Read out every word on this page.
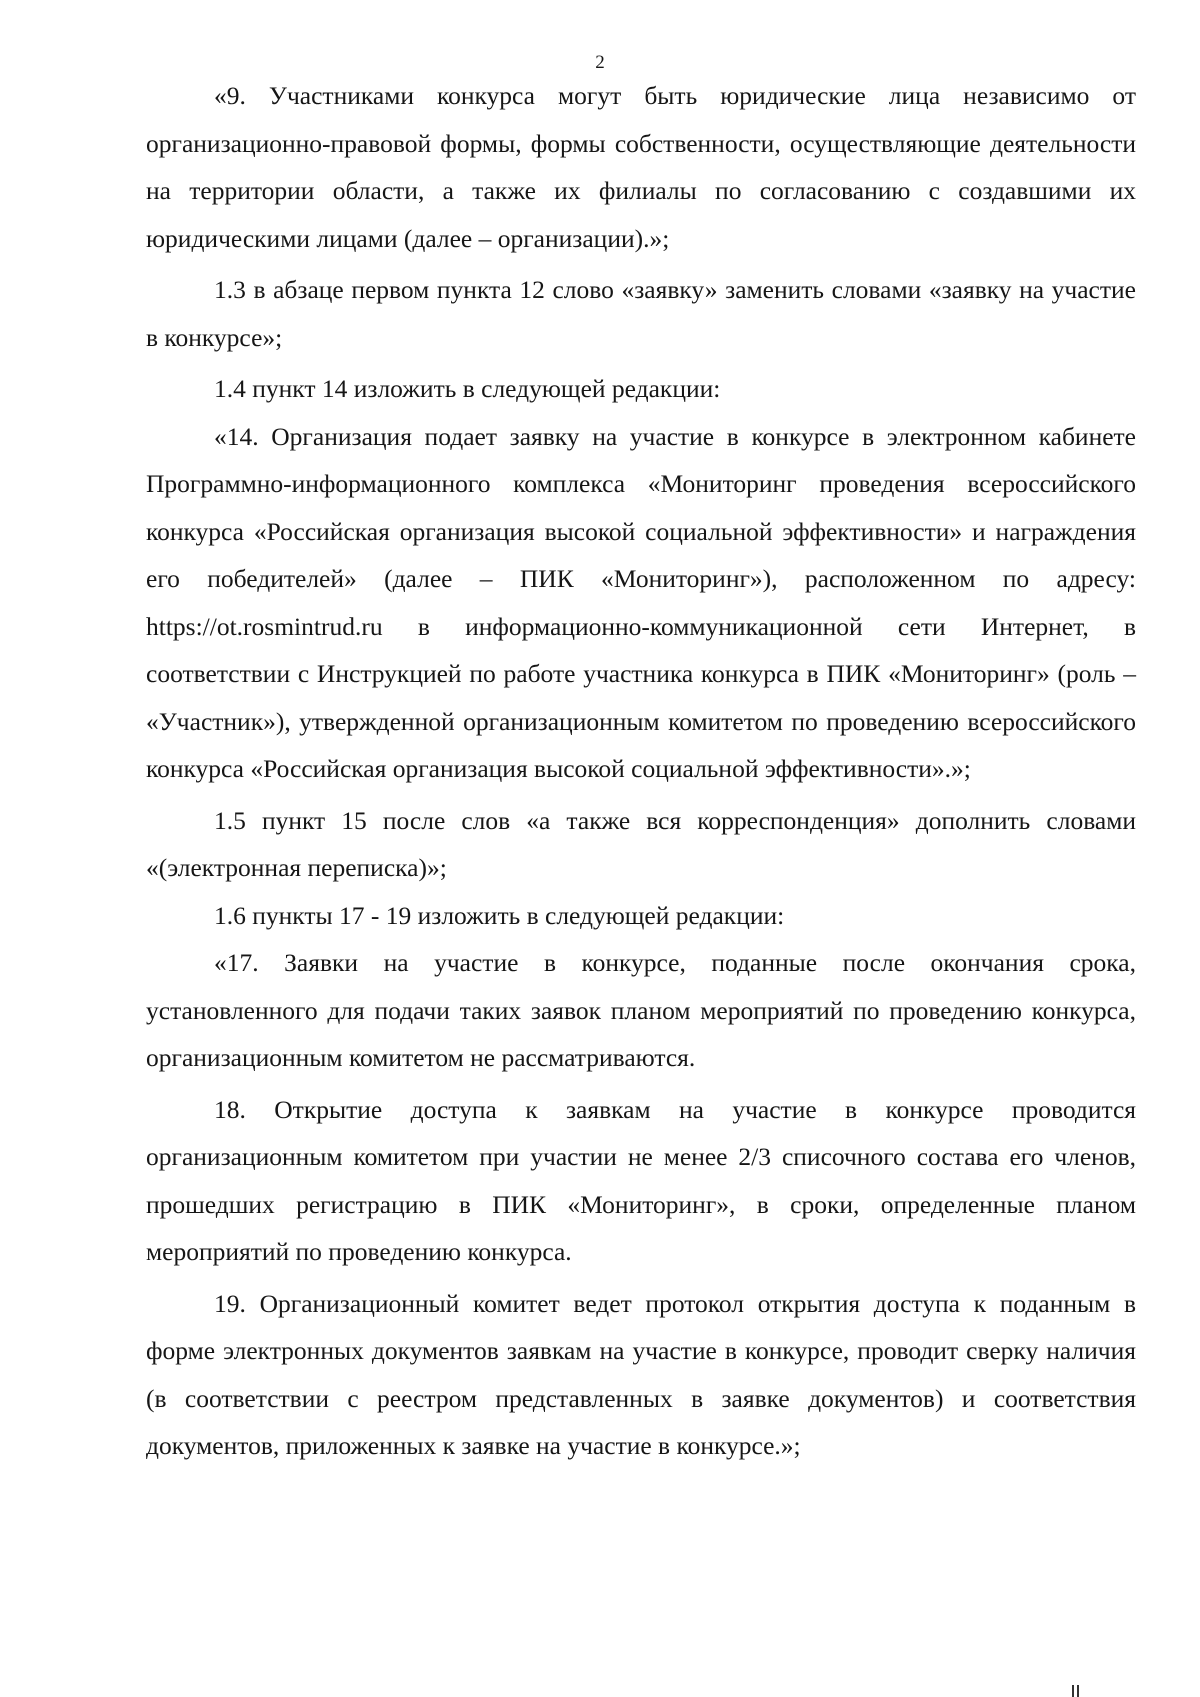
2

«9. Участниками конкурса могут быть юридические лица независимо от организационно-правовой формы, формы собственности, осуществляющие деятельности на территории области, а также их филиалы по согласованию с создавшими их юридическими лицами (далее – организации).»;

1.3 в абзаце первом пункта 12 слово «заявку» заменить словами «заявку на участие в конкурсе»;

1.4 пункт 14 изложить в следующей редакции:

«14. Организация подает заявку на участие в конкурсе в электронном кабинете Программно-информационного комплекса «Мониторинг проведения всероссийского конкурса «Российская организация высокой социальной эффективности» и награждения его победителей» (далее – ПИК «Мониторинг»), расположенном по адресу: https://ot.rosmintrud.ru в информационно-коммуникационной сети Интернет, в соответствии с Инструкцией по работе участника конкурса в ПИК «Мониторинг» (роль – «Участник»), утвержденной организационным комитетом по проведению всероссийского конкурса «Российская организация высокой социальной эффективности».»;

1.5 пункт 15 после слов «а также вся корреспонденция» дополнить словами «(электронная переписка)»;

1.6 пункты 17 - 19 изложить в следующей редакции:

«17. Заявки на участие в конкурсе, поданные после окончания срока, установленного для подачи таких заявок планом мероприятий по проведению конкурса, организационным комитетом не рассматриваются.

18. Открытие доступа к заявкам на участие в конкурсе проводится организационным комитетом при участии не менее 2/3 списочного состава его членов, прошедших регистрацию в ПИК «Мониторинг», в сроки, определенные планом мероприятий по проведению конкурса.

19. Организационный комитет ведет протокол открытия доступа к поданным в форме электронных документов заявкам на участие в конкурсе, проводит сверку наличия (в соответствии с реестром представленных в заявке документов) и соответствия документов, приложенных к заявке на участие в конкурсе.»;
